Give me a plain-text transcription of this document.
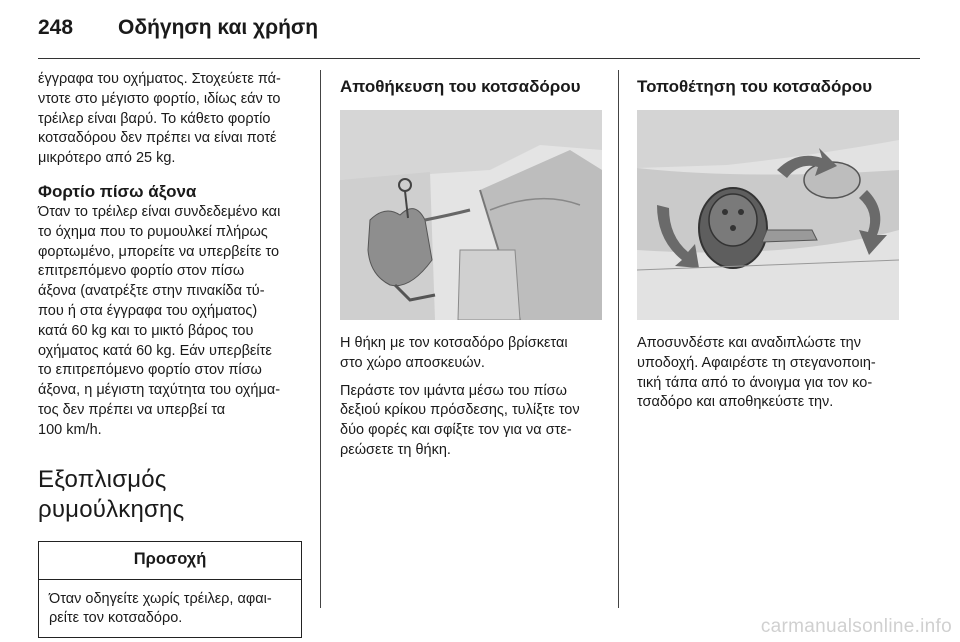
248 Οδήγηση και χρήση

έγγραφα του οχήματος. Στοχεύετε πά-
ντοτε στο μέγιστο φορτίο, ιδίως εάν το
τρέιλερ είναι βαρύ. Το κάθετο φορτίο
κοτσαδόρου δεν πρέπει να είναι ποτέ
μικρότερο από 25 kg.

Φορτίο πίσω άξονα

Όταν το τρέιλερ είναι συνδεδεμένο και
το όχημα που το ρυμουλκεί πλήρως
φορτωμένο, μπορείτε να υπερβείτε το
επιτρεπόμενο φορτίο στον πίσω
άξονα (ανατρέξτε στην πινακίδα τύ-
που ή στα έγγραφα του οχήματος)
κατά 60 kg και το μικτό βάρος του
οχήματος κατά 60 kg. Εάν υπερβείτε
το επιτρεπόμενο φορτίο στον πίσω
άξονα, η μέγιστη ταχύτητα του οχήμα-
τος δεν πρέπει να υπερβεί τα
100 km/h.

Εξοπλισμός ρυμούλκησης
Προσοχή
Όταν οδηγείτε χωρίς τρέιλερ, αφαι-
ρείτε τον κοτσαδόρο.
Αποθήκευση του κοτσαδόρου

Η θήκη με τον κοτσαδόρο βρίσκεται
στο χώρο αποσκευών.

Περάστε τον ιμάντα μέσω του πίσω
δεξιού κρίκου πρόσδεσης, τυλίξτε τον
δύο φορές και σφίξτε τον για να στε-
ρεώσετε τη θήκη.

Τοποθέτηση του κοτσαδόρου

Αποσυνδέστε και αναδιπλώστε την
υποδοχή. Αφαιρέστε τη στεγανοποιη-
τική τάπα από το άνοιγμα για τον κο-
τσαδόρο και αποθηκεύστε την.

carmanualsonline.info
